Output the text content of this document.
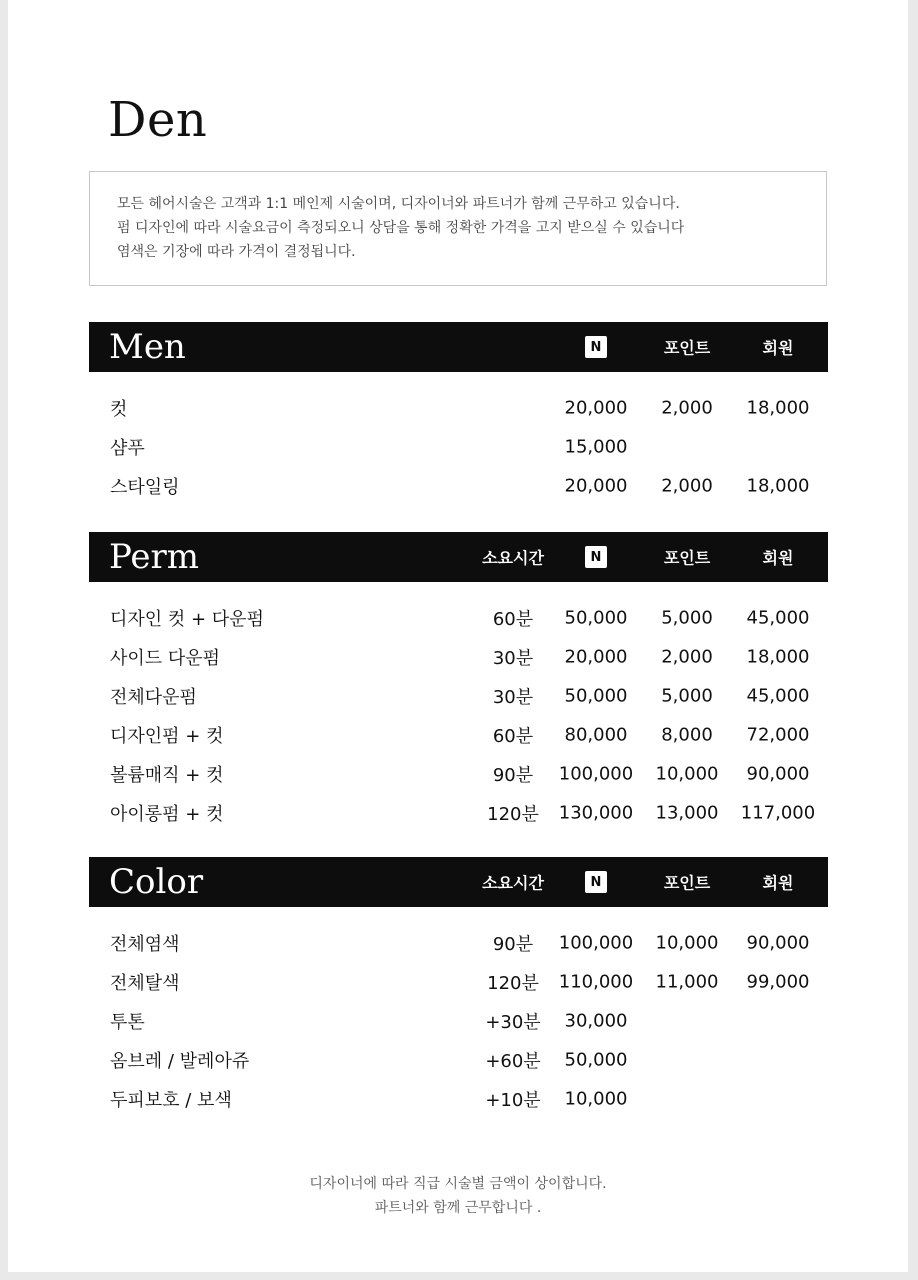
Den
모든 헤어시술은 고객과 1:1 메인제 시술이며, 디자이너와 파트너가 함께 근무하고 있습니다.
펌 디자인에 따라 시술요금이 측정되오니 상담을 통해 정확한 가격을 고지 받으실 수 있습니다
염색은 기장에 따라 가격이 결정됩니다.
Men	N	포인트	회원
컷	20,000 2,000 18,000
샴푸	15,000
스타일링	20,000 2,000 18,000
Perm	소요시간	N	포인트	회원
디자인 컷 + 다운펌	60분 50,000 5,000 45,000
사이드 다운펌	30분 20,000 2,000 18,000
전체다운펌	30분 50,000 5,000 45,000
디자인펌 + 컷	60분 80,000 8,000 72,000
볼륨매직 + 컷	90분 100,000 10,000 90,000
아이롱펌 + 컷	120분 130,000 13,000 117,000
Color	소요시간	N	포인트	회원
전체염색	90분 100,000 10,000 90,000
전체탈색	120분 110,000 11,000 99,000
투톤	+30분 30,000
옴브레 / 발레아쥬	+60분 50,000
두피보호 / 보색	+10분 10,000
디자이너에 따라 직급 시술별 금액이 상이합니다.
파트너와 함께 근무합니다 .
